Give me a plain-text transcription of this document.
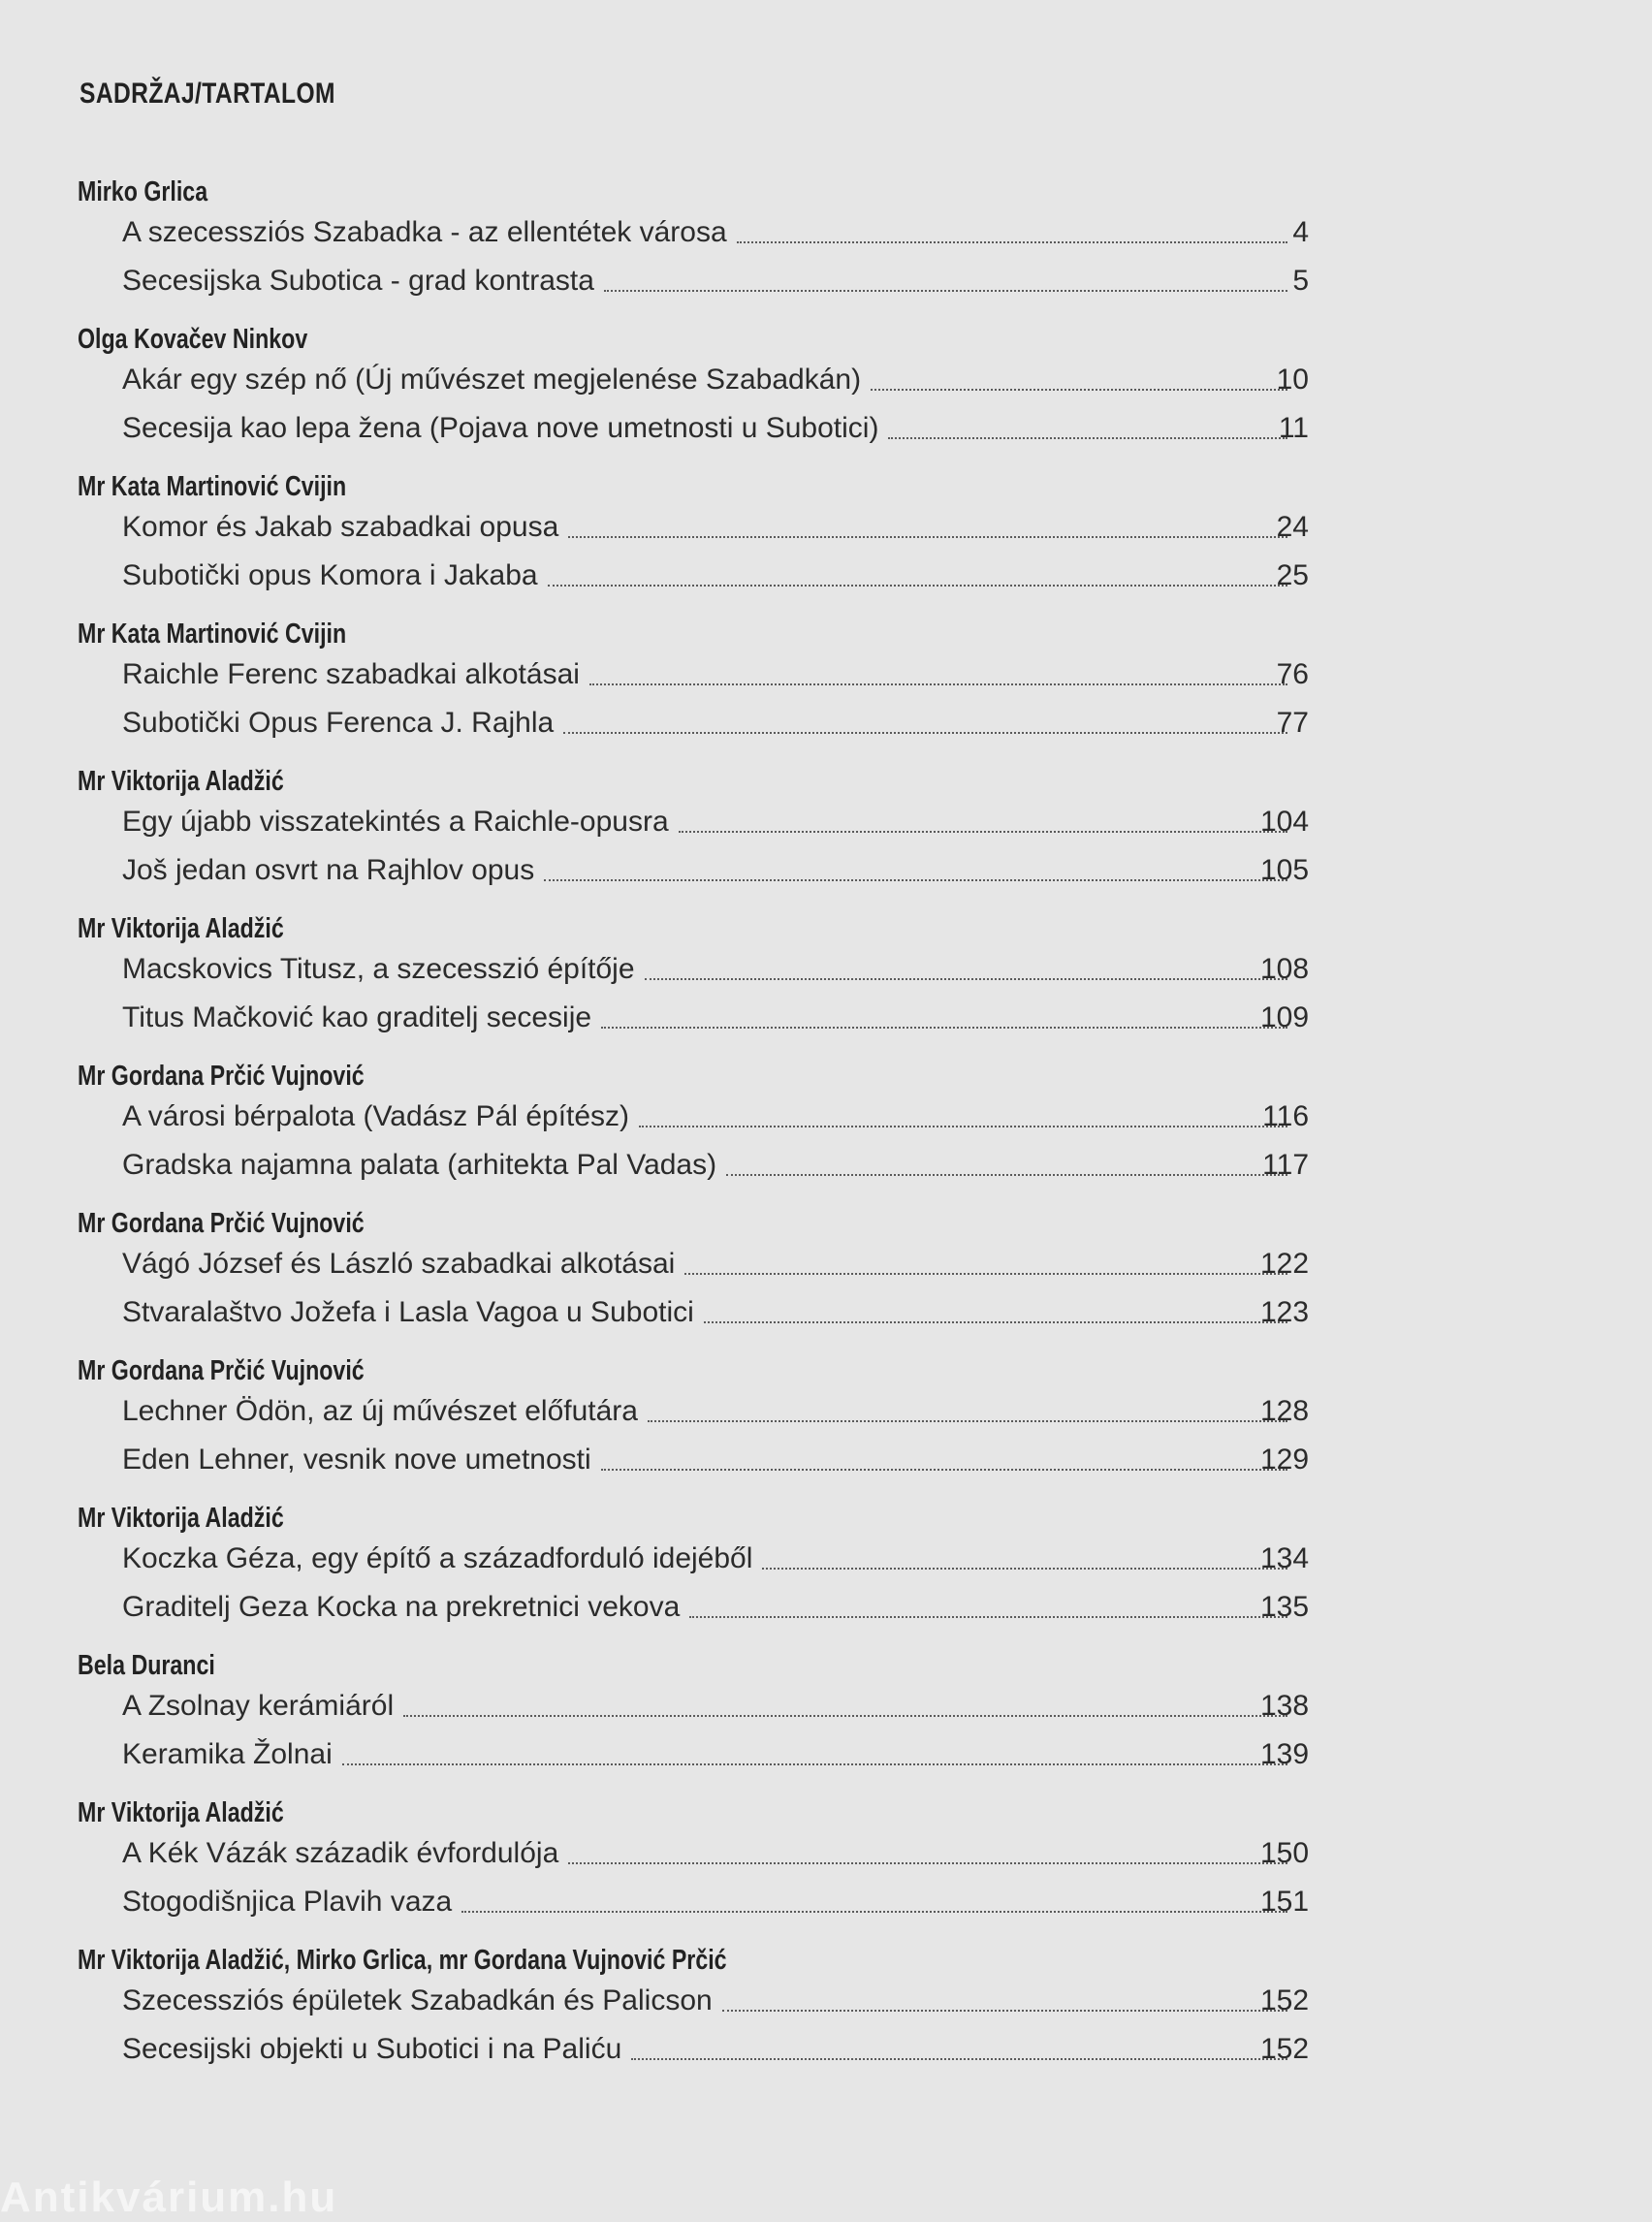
SADRŽAJ/TARTALOM
Mirko Grlica
A szecessziós Szabadka - az ellentétek városa	4
Secesijska Subotica - grad kontrasta	5
Olga Kovačev Ninkov
Akár egy szép nő (Új művészet megjelenése Szabadkán)	10
Secesija kao lepa žena (Pojava nove umetnosti u Subotici)	11
Mr Kata Martinović Cvijin
Komor és Jakab szabadkai opusa	24
Subotički opus Komora i Jakaba	25
Mr Kata Martinović Cvijin
Raichle Ferenc szabadkai alkotásai	76
Subotički Opus Ferenca J. Rajhla	77
Mr Viktorija Aladžić
Egy újabb visszatekintés a Raichle-opusra	104
Još jedan osvrt na Rajhlov opus	105
Mr Viktorija Aladžić
Macskovics Titusz, a szecesszió építője	108
Titus Mačković kao graditelj secesije	109
Mr Gordana Prčić Vujnović
A városi bérpalota (Vadász Pál építész)	116
Gradska najamna palata (arhitekta Pal Vadas)	117
Mr Gordana Prčić Vujnović
Vágó József és László szabadkai alkotásai	122
Stvaralaštvo Jožefa i Lasla Vagoa u Subotici	123
Mr Gordana Prčić Vujnović
Lechner Ödön, az új művészet előfutára	128
Eden Lehner, vesnik nove umetnosti	129
Mr Viktorija Aladžić
Koczka Géza, egy építő a századforduló idejéből	134
Graditelj Geza Kocka na prekretnici vekova	135
Bela Duranci
A Zsolnay kerámiáról	138
Keramika Žolnai	139
Mr Viktorija Aladžić
A Kék Vázák századik évfordulója	150
Stogodišnjica Plavih vaza	151
Mr Viktorija Aladžić, Mirko Grlica, mr Gordana Vujnović Prčić
Szecessziós épületek Szabadkán és Palicson	152
Secesijski objekti u Subotici i na Paliću	152
Antikvárium.hu
